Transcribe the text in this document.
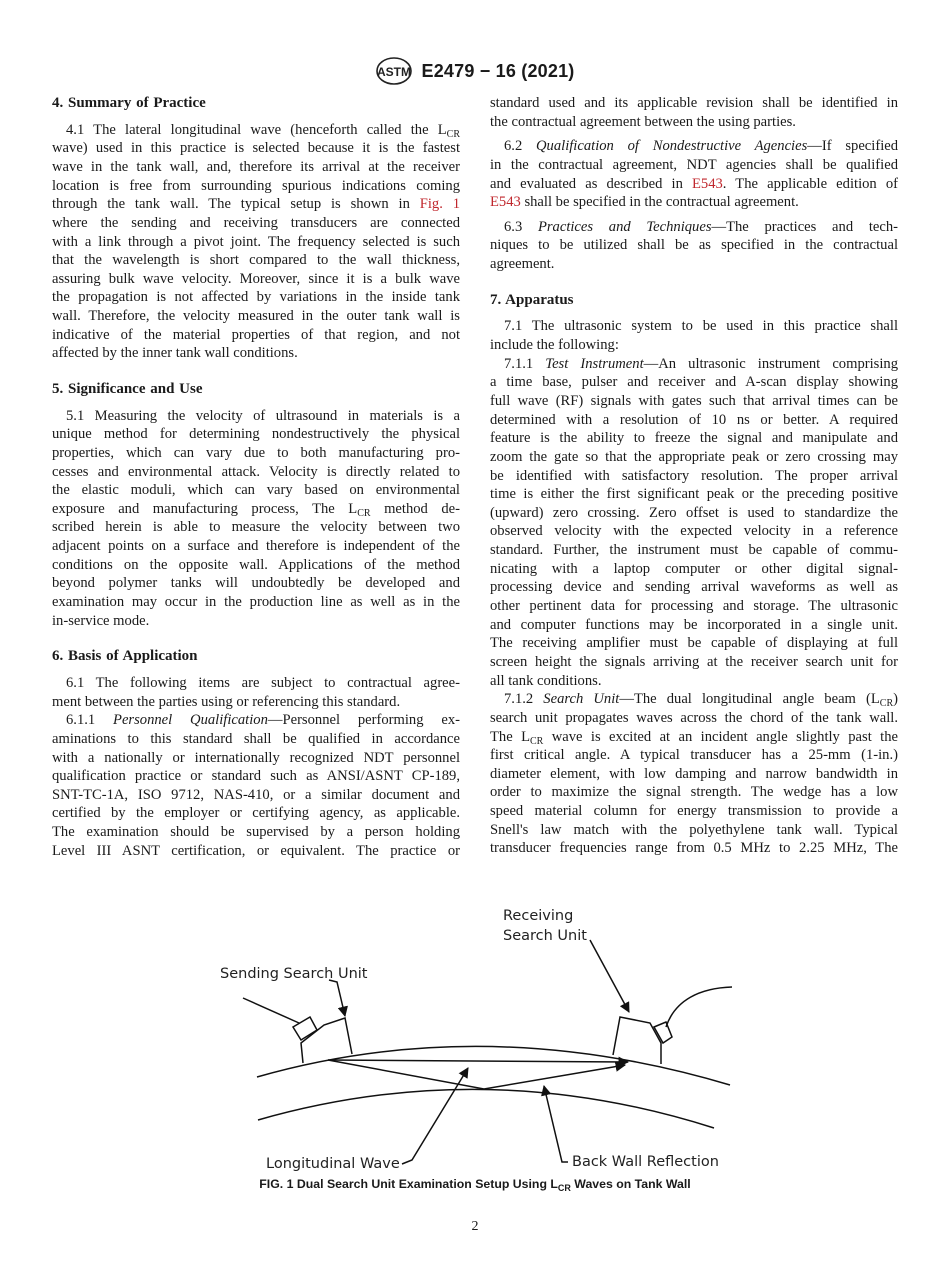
ASTM E2479 − 16 (2021)
4. Summary of Practice
4.1 The lateral longitudinal wave (henceforth called the $L_{CR}$
wave) used in this practice is selected because it is the fastest
wave in the tank wall, and, therefore its arrival at the receiver
location is free from surrounding spurious indications coming
through the tank wall. The typical setup is shown in Fig. 1
where the sending and receiving transducers are connected
with a link through a pivot joint. The frequency selected is such
that the wavelength is short compared to the wall thickness,
assuring bulk wave velocity. Moreover, since it is a bulk wave
the propagation is not affected by variations in the inside tank
wall. Therefore, the velocity measured in the outer tank wall is
indicative of the material properties of that region, and not
affected by the inner tank wall conditions.
5. Significance and Use
5.1 Measuring the velocity of ultrasound in materials is a
unique method for determining nondestructively the physical
properties, which can vary due to both manufacturing pro-
cesses and environmental attack. Velocity is directly related to
the elastic moduli, which can vary based on environmental
exposure and manufacturing process, The $L_{CR}$ method de-
scribed herein is able to measure the velocity between two
adjacent points on a surface and therefore is independent of the
conditions on the opposite wall. Applications of the method
beyond polymer tanks will undoubtedly be developed and
examination may occur in the production line as well as in the
in-service mode.
6. Basis of Application
6.1 The following items are subject to contractual agree-
ment between the parties using or referencing this standard.
6.1.1 Personnel Qualification—Personnel performing ex-
aminations to this standard shall be qualified in accordance
with a nationally or internationally recognized NDT personnel
qualification practice or standard such as ANSI/ASNT CP-189,
SNT-TC-1A, ISO 9712, NAS-410, or a similar document and
certified by the employer or certifying agency, as applicable.
The examination should be supervised by a person holding
Level III ASNT certification, or equivalent. The practice or
standard used and its applicable revision shall be identified in
the contractual agreement between the using parties.
6.2 Qualification of Nondestructive Agencies—If specified
in the contractual agreement, NDT agencies shall be qualified
and evaluated as described in E543. The applicable edition of
E543 shall be specified in the contractual agreement.
6.3 Practices and Techniques—The practices and tech-
niques to be utilized shall be as specified in the contractual
agreement.
7. Apparatus
7.1 The ultrasonic system to be used in this practice shall
include the following:
7.1.1 Test Instrument—An ultrasonic instrument comprising
a time base, pulser and receiver and A-scan display showing
full wave (RF) signals with gates such that arrival times can be
determined with a resolution of 10 ns or better. A required
feature is the ability to freeze the signal and manipulate and
zoom the gate so that the appropriate peak or zero crossing may
be identified with satisfactory resolution. The proper arrival
time is either the first significant peak or the preceding positive
(upward) zero crossing. Zero offset is used to standardize the
observed velocity with the expected velocity in a reference
standard. Further, the instrument must be capable of commu-
nicating with a laptop computer or other digital signal-
processing device and sending arrival waveforms as well as
other pertinent data for processing and storage. The ultrasonic
and computer functions may be incorporated in a single unit.
The receiving amplifier must be capable of displaying at full
screen height the signals arriving at the receiver search unit for
all tank conditions.
7.1.2 Search Unit—The dual longitudinal angle beam $(L_{CR})$
search unit propagates waves across the chord of the tank wall.
The $L_{CR}$ wave is excited at an incident angle slightly past the
first critical angle. A typical transducer has a 25-mm (1-in.)
diameter element, with low damping and narrow bandwidth in
order to maximize the signal strength. The wedge has a low
speed material column for energy transmission to provide a
Snell's law match with the polyethylene tank wall. Typical
transducer frequencies range from 0.5 MHz to 2.25 MHz, The
Receiving
Search Unit
Sending Search Unit
Longitudinal Wave	Back Wall Reflection
FIG. 1 Dual Search Unit Examination Setup Using $L_{CR}$ Waves on Tank Wall
2
